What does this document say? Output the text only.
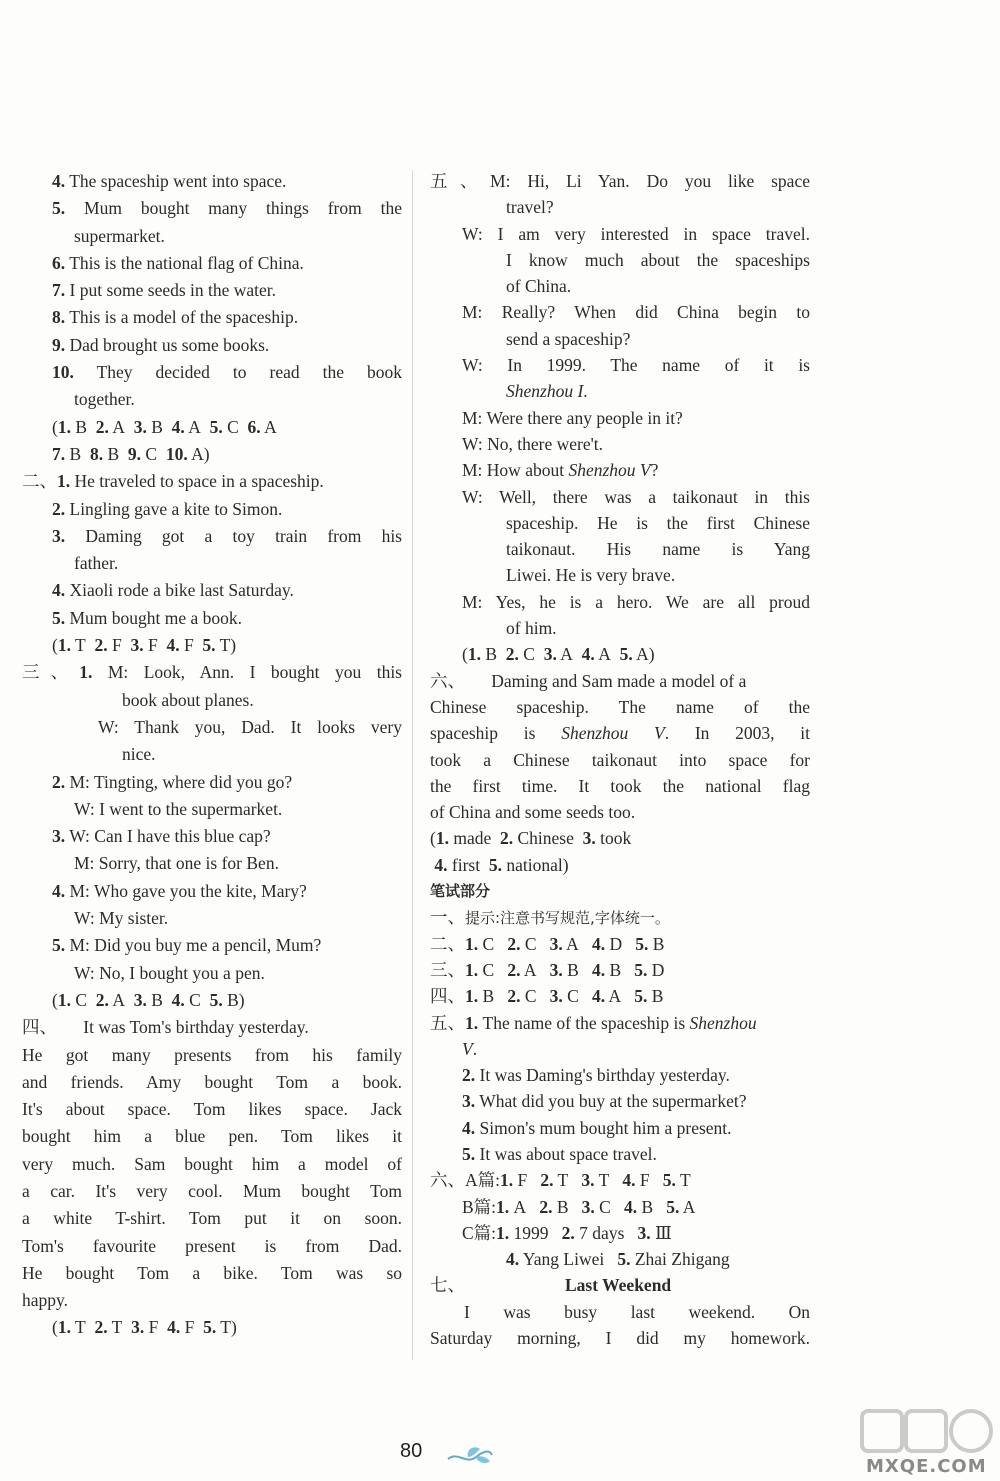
4. The spaceship went into space.
5. Mum bought many things from the
supermarket.
6. This is the national flag of China.
7. I put some seeds in the water.
8. This is a model of the spaceship.
9. Dad brought us some books.
10. They decided to read the book
together.
(1. B 2. A 3. B 4. A 5. C 6. A
7. B 8. B 9. C 10. A)
二、1. He traveled to space in a spaceship.
2. Lingling gave a kite to Simon.
3. Daming got a toy train from his
father.
4. Xiaoli rode a bike last Saturday.
5. Mum bought me a book.
(1. T 2. F 3. F 4. F 5. T)
三、1. M: Look, Ann. I bought you this
book about planes.
W: Thank you, Dad. It looks very
nice.
2. M: Tingting, where did you go?
W: I went to the supermarket.
3. W: Can I have this blue cap?
M: Sorry, that one is for Ben.
4. M: Who gave you the kite, Mary?
W: My sister.
5. M: Did you buy me a pencil, Mum?
W: No, I bought you a pen.
(1. C 2. A 3. B 4. C 5. B)
四、 It was Tom's birthday yesterday.
He got many presents from his family
and friends. Amy bought Tom a book.
It's about space. Tom likes space. Jack
bought him a blue pen. Tom likes it
very much. Sam bought him a model of
a car. It's very cool. Mum bought Tom
a white T-shirt. Tom put it on soon.
Tom's favourite present is from Dad.
He bought Tom a bike. Tom was so
happy.
(1. T 2. T 3. F 4. F 5. T)
五、M: Hi, Li Yan. Do you like space
travel?
W: I am very interested in space travel.
I know much about the spaceships
of China.
M: Really? When did China begin to
send a spaceship?
W: In 1999. The name of it is
Shenzhou I.
M: Were there any people in it?
W: No, there were't.
M: How about Shenzhou V?
W: Well, there was a taikonaut in this
spaceship. He is the first Chinese
taikonaut. His name is Yang
Liwei. He is very brave.
M: Yes, he is a hero. We are all proud
of him.
(1. B 2. C 3. A 4. A 5. A)
六、 Daming and Sam made a model of a
Chinese spaceship. The name of the
spaceship is Shenzhou V. In 2003, it
took a Chinese taikonaut into space for
the first time. It took the national flag
of China and some seeds too.
(1. made 2. Chinese 3. took
4. first 5. national)
笔试部分
一、提示:注意书写规范,字体统一。
二、1. C 2. C 3. A 4. D 5. B
三、1. C 2. A 3. B 4. B 5. D
四、1. B 2. C 3. C 4. A 5. B
五、1. The name of the spaceship is Shenzhou
V.
2. It was Daming's birthday yesterday.
3. What did you buy at the supermarket?
4. Simon's mum bought him a present.
5. It was about space travel.
六、A篇:1. F 2. T 3. T 4. F 5. T
B篇:1. A 2. B 3. C 4. B 5. A
C篇:1. 1999 2. 7 days 3. Ⅲ
4. Yang Liwei 5. Zhai Zhigang
七、	Last Weekend
I was busy last weekend. On
Saturday morning, I did my homework.
80
MXQE.COM
